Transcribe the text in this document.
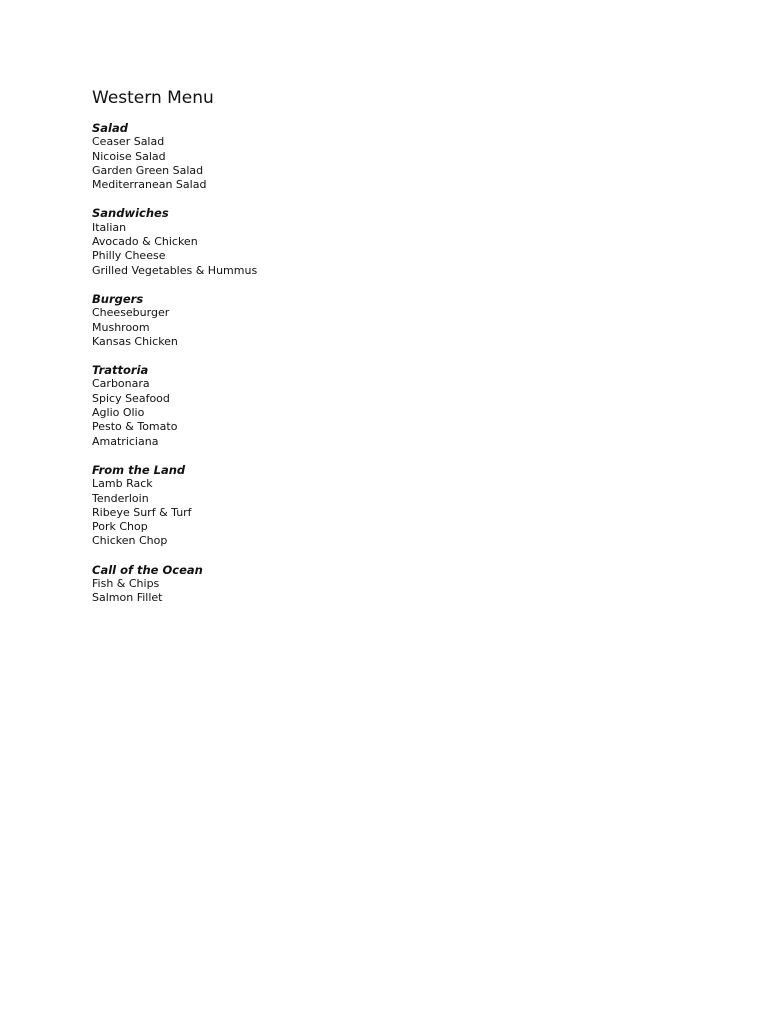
Western Menu
Salad
Ceaser Salad
Nicoise Salad
Garden Green Salad
Mediterranean Salad
Sandwiches
Italian
Avocado & Chicken
Philly Cheese
Grilled Vegetables & Hummus
Burgers
Cheeseburger
Mushroom
Kansas Chicken
Trattoria
Carbonara
Spicy Seafood
Aglio Olio
Pesto & Tomato
Amatriciana
From the Land
Lamb Rack
Tenderloin
Ribeye Surf & Turf
Pork Chop
Chicken Chop
Call of the Ocean
Fish & Chips
Salmon Fillet
